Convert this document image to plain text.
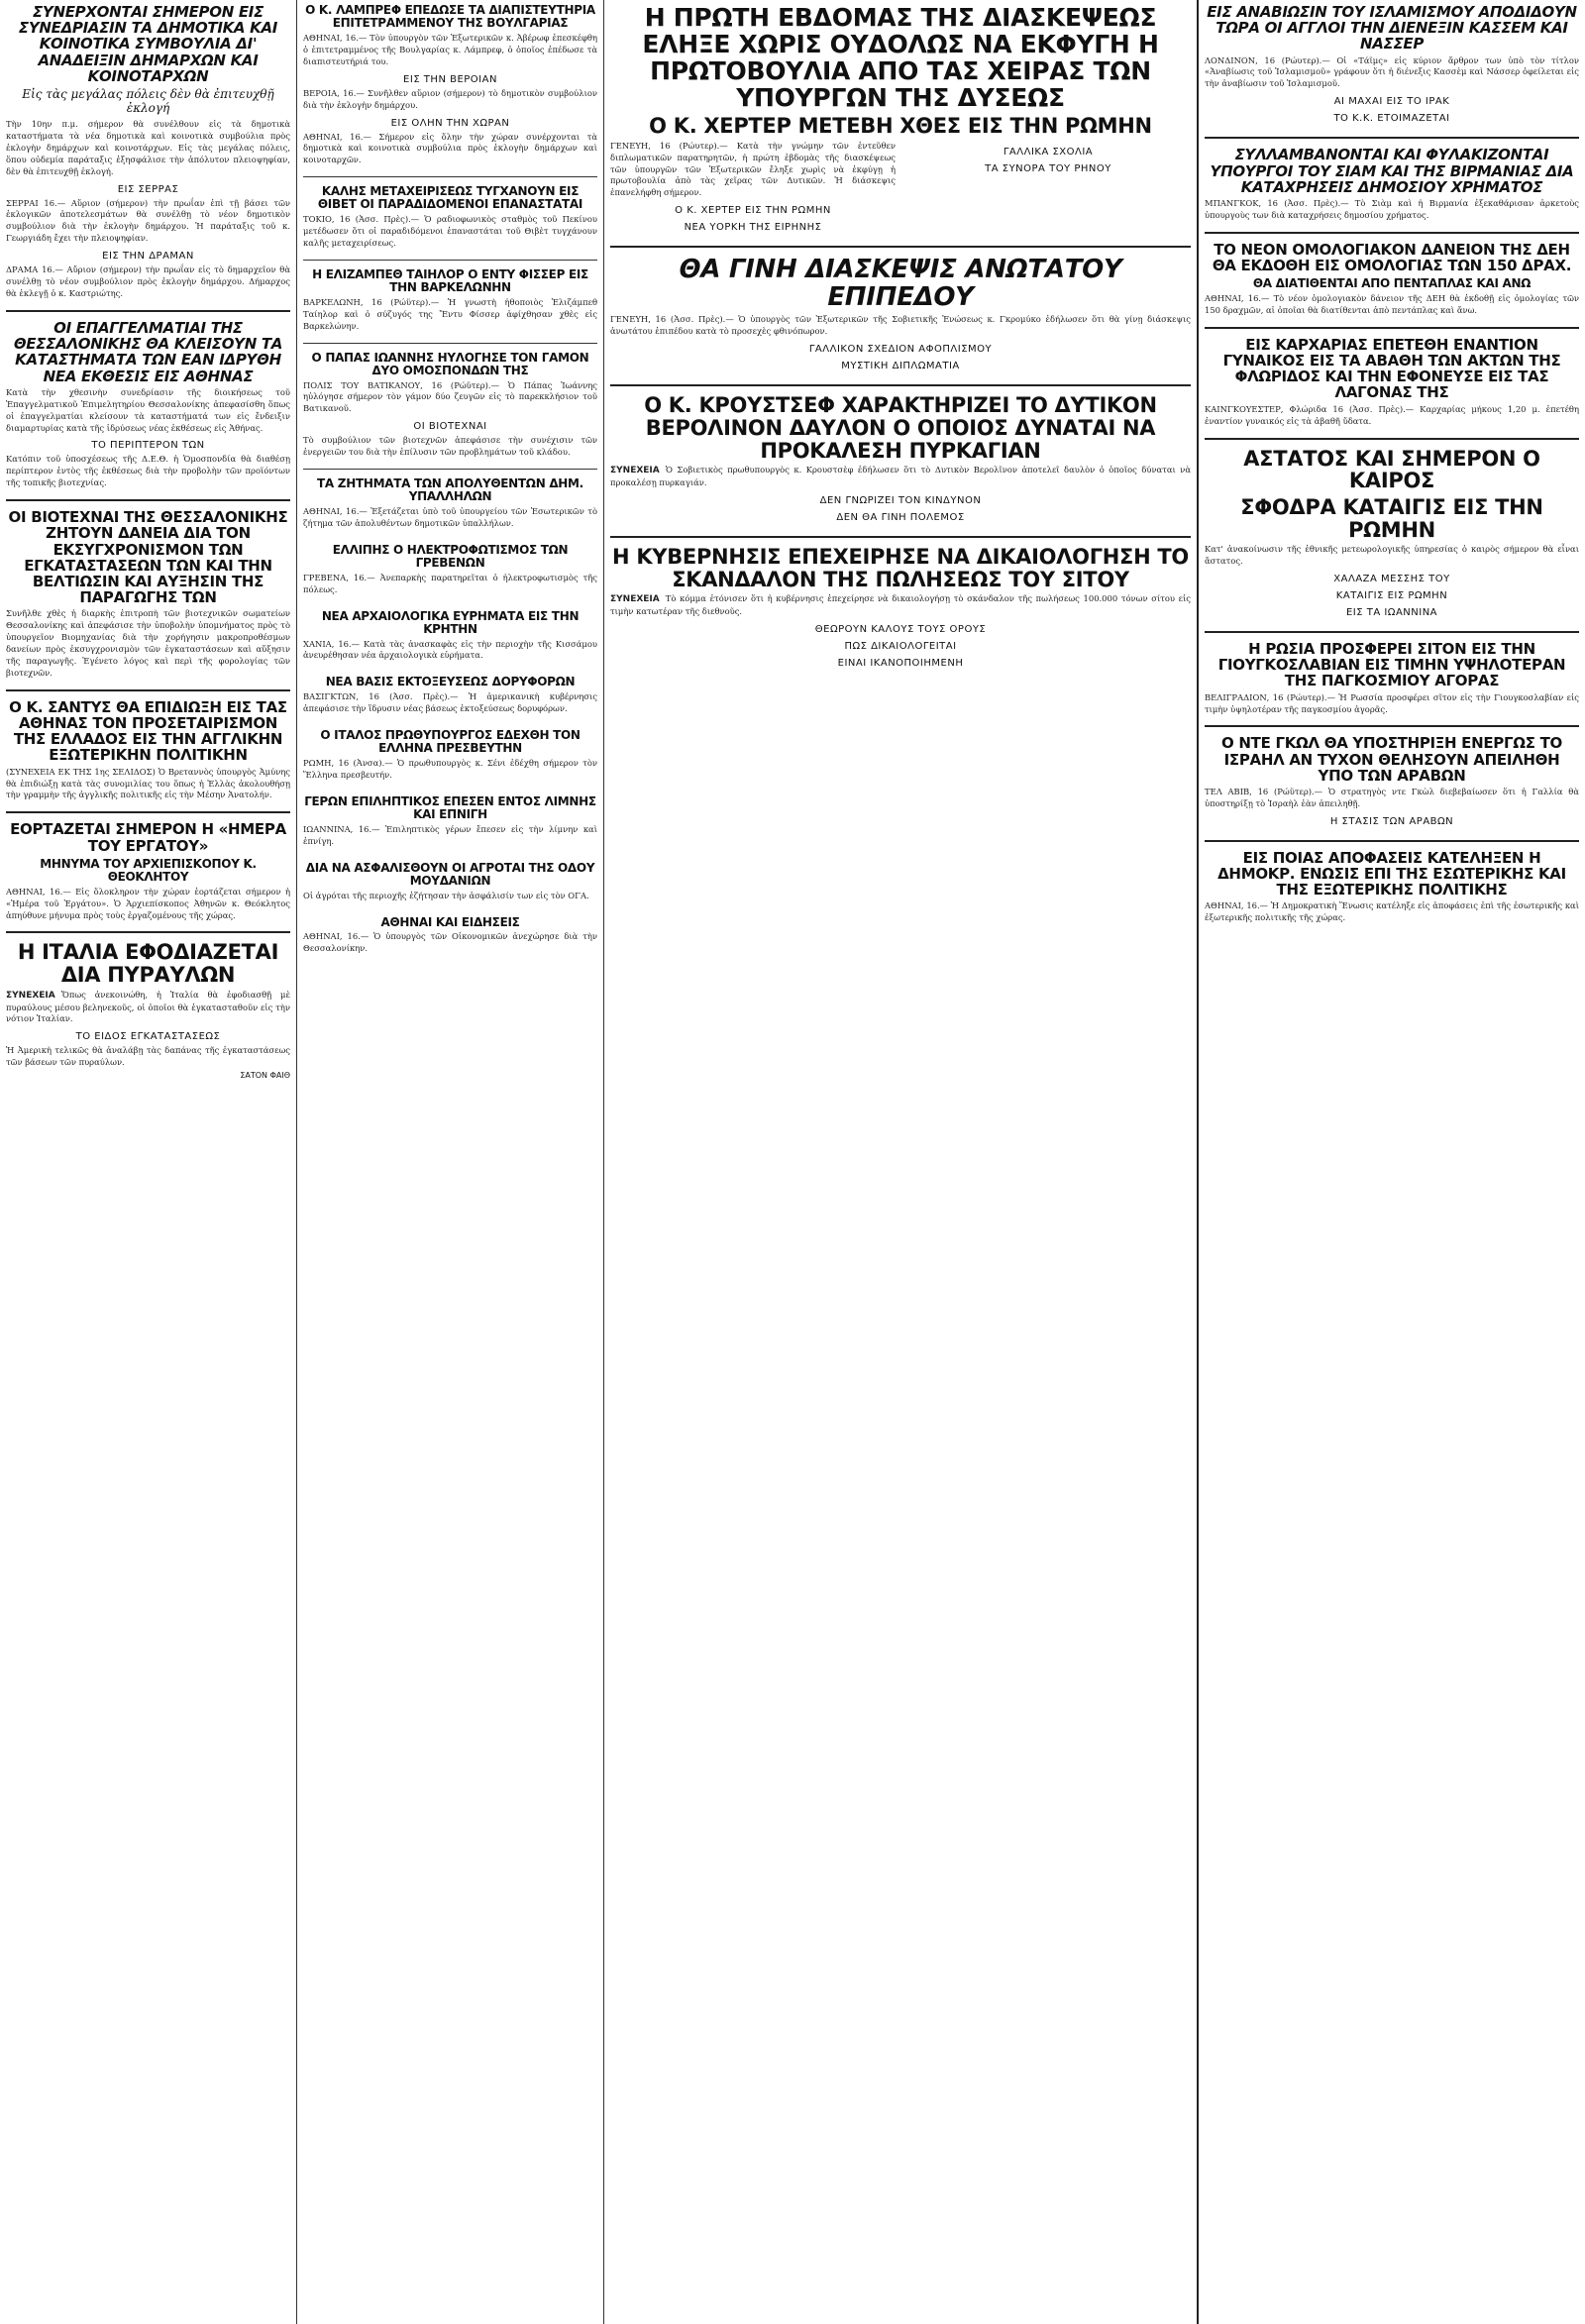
ΣΥΝΕΡΧΟΝΤΑΙ ΣΗΜΕΡΟΝ ΕΙΣ ΣΥΝΕΔΡΙΑΣΙΝ ΤΑ ΔΗΜΟΤΙΚΑ ΚΑΙ ΚΟΙΝΟΤΙΚΑ ΣΥΜΒΟΥΛΙΑ ΔΙ' ΑΝΑΔΕΙΞΙΝ ΔΗΜΑΡΧΩΝ ΚΑΙ ΚΟΙΝΟΤΑΡΧΩΝ
Εἰς τὰς μεγάλας πόλεις δὲν θὰ ἐπιτευχθῇ ἐκλογή

Τὴν 10ην π.μ. σήμερον θὰ συνέλθουν εἰς τὰ δημοτικὰ καταστήματα τὰ νέα δημοτικὰ καὶ κοινοτικὰ συμβούλια πρὸς ἐκλογὴν δημάρχων καὶ κοινοτάρχων. Εἰς τὰς μεγάλας πόλεις, ὅπου οὐδεμία παράταξις ἐξησφάλισε τὴν ἀπόλυτον πλειοψηφίαν, δὲν θὰ ἐπιτευχθῇ ἐκλογή.

ΕΙΣ ΣΕΡΡΑΣ

ΣΕΡΡΑΙ 16.— Αὔριον (σήμερον) τὴν πρωΐαν ἐπὶ τῇ βάσει τῶν ἐκλογικῶν ἀποτελεσμάτων θὰ συνέλθῃ τὸ νέον δημοτικὸν συμβούλιον διὰ τὴν ἐκλογὴν δημάρχου. Ἡ παράταξις τοῦ κ. Γεωργιάδη ἔχει τὴν πλειοψηφίαν.

ΕΙΣ ΤΗΝ ΔΡΑΜΑΝ

ΔΡΑΜΑ 16.— Αὔριον (σήμερον) τὴν πρωΐαν εἰς τὸ δημαρχεῖον θὰ συνέλθῃ τὸ νέον συμβούλιον πρὸς ἐκλογὴν δημάρχου. Δήμαρχος θὰ ἐκλεγῇ ὁ κ. Καστριώτης.

ΟΙ ΕΠΑΓΓΕΛΜΑΤΙΑΙ ΤΗΣ ΘΕΣΣΑΛΟΝΙΚΗΣ ΘΑ ΚΛΕΙΣΟΥΝ ΤΑ ΚΑΤΑΣΤΗΜΑΤΑ ΤΩΝ ΕΑΝ ΙΔΡΥΘΗ ΝΕΑ ΕΚΘΕΣΙΣ ΕΙΣ ΑΘΗΝΑΣ

Κατὰ τὴν χθεσινὴν συνεδρίασιν τῆς διοικήσεως τοῦ Ἐπαγγελματικοῦ Ἐπιμελητηρίου Θεσσαλονίκης ἀπεφασίσθη ὅπως οἱ ἐπαγγελματίαι κλείσουν τὰ καταστήματά των εἰς ἔνδειξιν διαμαρτυρίας κατὰ τῆς ἱδρύσεως νέας ἐκθέσεως εἰς Ἀθήνας.

ΤΟ ΠΕΡΙΠΤΕΡΟΝ ΤΩΝ

Κατόπιν τοῦ ὑποσχέσεως τῆς Δ.Ε.Θ. ἡ Ὁμοσπονδία θὰ διαθέσῃ περίπτερον ἐντὸς τῆς ἐκθέσεως διὰ τὴν προβολὴν τῶν προϊόντων τῆς τοπικῆς βιοτεχνίας.

ΟΙ ΒΙΟΤΕΧΝΑΙ ΤΗΣ ΘΕΣΣΑΛΟΝΙΚΗΣ ΖΗΤΟΥΝ ΔΑΝΕΙΑ ΔΙΑ ΤΟΝ ΕΚΣΥΓΧΡΟΝΙΣΜΟΝ ΤΩΝ ΕΓΚΑΤΑΣΤΑΣΕΩΝ ΤΩΝ ΚΑΙ ΤΗΝ ΒΕΛΤΙΩΣΙΝ ΚΑΙ ΑΥΞΗΣΙΝ ΤΗΣ ΠΑΡΑΓΩΓΗΣ ΤΩΝ

Συνῆλθε χθὲς ἡ διαρκὴς ἐπιτροπὴ τῶν βιοτεχνικῶν σωματείων Θεσσαλονίκης καὶ ἀπεφάσισε τὴν ὑποβολὴν ὑπομνήματος πρὸς τὸ ὑπουργεῖον Βιομηχανίας διὰ τὴν χορήγησιν μακροπροθέσμων δανείων πρὸς ἐκσυγχρονισμὸν τῶν ἐγκαταστάσεων καὶ αὔξησιν τῆς παραγωγῆς. Ἐγένετο λόγος καὶ περὶ τῆς φορολογίας τῶν βιοτεχνῶν.

Ο Κ. ΣΑΝΤΥΣ ΘΑ ΕΠΙΔΙΩΞΗ ΕΙΣ ΤΑΣ ΑΘΗΝΑΣ ΤΟΝ ΠΡΟΣΕΤΑΙΡΙΣΜΟΝ ΤΗΣ ΕΛΛΑΔΟΣ ΕΙΣ ΤΗΝ ΑΓΓΛΙΚΗΝ ΕΞΩΤΕΡΙΚΗΝ ΠΟΛΙΤΙΚΗΝ

(ΣΥΝΕΧΕΙΑ ΕΚ ΤΗΣ 1ης ΣΕΛΙΔΟΣ) Ὁ Βρεταννὸς ὑπουργὸς Ἀμύνης θὰ ἐπιδιώξῃ κατὰ τὰς συνομιλίας του ὅπως ἡ Ἑλλὰς ἀκολουθήσῃ τὴν γραμμὴν τῆς ἀγγλικῆς πολιτικῆς εἰς τὴν Μέσην Ἀνατολήν.

ΕΟΡΤΑΖΕΤΑΙ ΣΗΜΕΡΟΝ Η «ΗΜΕΡΑ ΤΟΥ ΕΡΓΑΤΟΥ»
ΜΗΝΥΜΑ ΤΟΥ ΑΡΧΙΕΠΙΣΚΟΠΟΥ Κ. ΘΕΟΚΛΗΤΟΥ

ΑΘΗΝΑΙ, 16.— Εἰς ὅλοκληρον τὴν χώραν ἑορτάζεται σήμερον ἡ «Ἡμέρα τοῦ Ἐργάτου». Ὁ Ἀρχιεπίσκοπος Ἀθηνῶν κ. Θεόκλητος ἀπηύθυνε μήνυμα πρὸς τοὺς ἐργαζομένους τῆς χώρας.

Η ΙΤΑΛΙΑ ΕΦΟΔΙΑΖΕΤΑΙ ΔΙΑ ΠΥΡΑΥΛΩΝ

ΣΥΝΕΧΕΙΑ Ὅπως ἀνεκοινώθη, ἡ Ἰταλία θὰ ἐφοδιασθῇ μὲ πυραύλους μέσου βεληνεκοῦς, οἱ ὁποῖοι θὰ ἐγκατασταθοῦν εἰς τὴν νότιον Ἰταλίαν.

ΤΟ ΕΙΔΟΣ ΕΓΚΑΤΑΣΤΑΣΕΩΣ

Ἡ Ἀμερικὴ τελικῶς θὰ ἀναλάβῃ τὰς δαπάνας τῆς ἐγκαταστάσεως τῶν βάσεων τῶν πυραύλων.

ΣΑΤΟΝ ΦΑΙΘ
Ο Κ. ΛΑΜΠΡΕΦ ΕΠΕΔΩΣΕ ΤΑ ΔΙΑΠΙΣΤΕΥΤΗΡΙΑ ΕΠΙΤΕΤΡΑΜΜΕΝΟΥ ΤΗΣ ΒΟΥΛΓΑΡΙΑΣ

ΑΘΗΝΑΙ, 16.— Τὸν ὑπουργὸν τῶν Ἐξωτερικῶν κ. Ἀβέρωφ ἐπεσκέφθη ὁ ἐπιτετραμμένος τῆς Βουλγαρίας κ. Λάμπρεφ, ὁ ὁποῖος ἐπέδωσε τὰ διαπιστευτήριά του.

ΕΙΣ ΤΗΝ ΒΕΡΟΙΑΝ

ΒΕΡΟΙΑ, 16.— Συνῆλθεν αὔριον (σήμερον) τὸ δημοτικὸν συμβούλιον διὰ τὴν ἐκλογὴν δημάρχου.

ΕΙΣ ΟΛΗΝ ΤΗΝ ΧΩΡΑΝ

ΑΘΗΝΑΙ, 16.— Σήμερον εἰς ὅλην τὴν χώραν συνέρχονται τὰ δημοτικὰ καὶ κοινοτικὰ συμβούλια πρὸς ἐκλογὴν δημάρχων καὶ κοινοταρχῶν.

ΚΑΛΗΣ ΜΕΤΑΧΕΙΡΙΣΕΩΣ ΤΥΓΧΑΝΟΥΝ ΕΙΣ ΘΙΒΕΤ ΟΙ ΠΑΡΑΔΙΔΟΜΕΝΟΙ ΕΠΑΝΑΣΤΑΤΑΙ

ΤΟΚΙΟ, 16 (Ἀσσ. Πρὲς).— Ὁ ραδιοφωνικὸς σταθμὸς τοῦ Πεκίνου μετέδωσεν ὅτι οἱ παραδιδόμενοι ἐπαναστάται τοῦ Θιβὲτ τυγχάνουν καλῆς μεταχειρίσεως.

Η ΕΛΙΖΑΜΠΕΘ ΤΑΙΗΛΟΡ Ο ΕΝΤΥ ΦΙΣΣΕΡ ΕΙΣ ΤΗΝ ΒΑΡΚΕΛΩΝΗΝ

ΒΑΡΚΕΛΩΝΗ, 16 (Ρώϋτερ).— Ἡ γνωστὴ ἠθοποιὸς Ἐλιζάμπεθ Ταίηλορ καὶ ὁ σύζυγός της Ἔντυ Φίσσερ ἀφίχθησαν χθὲς εἰς Βαρκελώνην.

Ο ΠΑΠΑΣ ΙΩΑΝΝΗΣ ΗΥΛΟΓΗΣΕ ΤΟΝ ΓΑΜΟΝ ΔΥΟ ΟΜΟΣΠΟΝΔΩΝ ΤΗΣ

ΠΟΛΙΣ ΤΟΥ ΒΑΤΙΚΑΝΟΥ, 16 (Ρώϋτερ).— Ὁ Πάπας Ἰωάννης ηὐλόγησε σήμερον τὸν γάμον δύο ζευγῶν εἰς τὸ παρεκκλήσιον τοῦ Βατικανοῦ.

ΟΙ ΒΙΟΤΕΧΝΑΙ

Τὸ συμβούλιον τῶν βιοτεχνῶν ἀπεφάσισε τὴν συνέχισιν τῶν ἐνεργειῶν του διὰ τὴν ἐπίλυσιν τῶν προβλημάτων τοῦ κλάδου.

ΤΑ ΖΗΤΗΜΑΤΑ ΤΩΝ ΑΠΟΛΥΘΕΝΤΩΝ ΔΗΜ. ΥΠΑΛΛΗΛΩΝ

ΑΘΗΝΑΙ, 16.— Ἐξετάζεται ὑπὸ τοῦ ὑπουργείου τῶν Ἐσωτερικῶν τὸ ζήτημα τῶν ἀπολυθέντων δημοτικῶν ὑπαλλήλων.

ΕΛΛΙΠΗΣ Ο ΗΛΕΚΤΡΟΦΩΤΙΣΜΟΣ ΤΩΝ ΓΡΕΒΕΝΩΝ

ΓΡΕΒΕΝΑ, 16.— Ἀνεπαρκὴς παρατηρεῖται ὁ ἠλεκτροφωτισμὸς τῆς πόλεως.

ΝΕΑ ΑΡΧΑΙΟΛΟΓΙΚΑ ΕΥΡΗΜΑΤΑ ΕΙΣ ΤΗΝ ΚΡΗΤΗΝ

ΧΑΝΙΑ, 16.— Κατὰ τὰς ἀνασκαφὰς εἰς τὴν περιοχὴν τῆς Κισσάμου ἀνευρέθησαν νέα ἀρχαιολογικὰ εὑρήματα.

ΝΕΑ ΒΑΣΙΣ ΕΚΤΟΞΕΥΣΕΩΣ ΔΟΡΥΦΟΡΩΝ

ΒΑΣΙΓΚΤΩΝ, 16 (Ἀσσ. Πρὲς).— Ἡ ἀμερικανικὴ κυβέρνησις ἀπεφάσισε τὴν ἵδρυσιν νέας βάσεως ἐκτοξεύσεως δορυφόρων.

Ο ΙΤΑΛΟΣ ΠΡΩΘΥΠΟΥΡΓΟΣ ΕΔΕΧΘΗ ΤΟΝ ΕΛΛΗΝΑ ΠΡΕΣΒΕΥΤΗΝ

ΡΩΜΗ, 16 (Ἀνσα).— Ὁ πρωθυπουργὸς κ. Σένι ἐδέχθη σήμερον τὸν Ἕλληνα πρεσβευτήν.

ΓΕΡΩΝ ΕΠΙΛΗΠΤΙΚΟΣ ΕΠΕΣΕΝ ΕΝΤΟΣ ΛΙΜΝΗΣ ΚΑΙ ΕΠΝΙΓΗ

ΙΩΑΝΝΙΝΑ, 16.— Ἐπιληπτικὸς γέρων ἔπεσεν εἰς τὴν λίμνην καὶ ἐπνίγη.

ΔΙΑ ΝΑ ΑΣΦΑΛΙΣΘΟΥΝ ΟΙ ΑΓΡΟΤΑΙ ΤΗΣ ΟΔΟΥ ΜΟΥΔΑΝΙΩΝ

Οἱ ἀγρόται τῆς περιοχῆς ἐζήτησαν τὴν ἀσφάλισίν των εἰς τὸν ΟΓΑ.

ΑΘΗΝΑΙ ΚΑΙ ΕΙΔΗΣΕΙΣ

ΑΘΗΝΑΙ, 16.— Ὁ ὑπουργὸς τῶν Οἰκονομικῶν ἀνεχώρησε διὰ τὴν Θεσσαλονίκην.

Η ΠΡΩΤΗ ΕΒΔΟΜΑΣ ΤΗΣ ΔΙΑΣΚΕΨΕΩΣ ΕΛΗΞΕ ΧΩΡΙΣ ΟΥΔΟΛΩΣ ΝΑ ΕΚΦΥΓΗ Η ΠΡΩΤΟΒΟΥΛΙΑ ΑΠΟ ΤΑΣ ΧΕΙΡΑΣ ΤΩΝ ΥΠΟΥΡΓΩΝ ΤΗΣ ΔΥΣΕΩΣ
Ο Κ. ΧΕΡΤΕΡ ΜΕΤΕΒΗ ΧΘΕΣ ΕΙΣ ΤΗΝ ΡΩΜΗΝ

ΓΕΝΕΥΗ, 16 (Ρώυτερ).— Κατὰ τὴν γνώμην τῶν ἐντεῦθεν διπλωματικῶν παρατηρητῶν, ἡ πρώτη ἑβδομὰς τῆς διασκέψεως τῶν ὑπουργῶν τῶν Ἐξωτερικῶν ἔληξε χωρὶς νὰ ἐκφύγῃ ἡ πρωτοβουλία ἀπὸ τὰς χεῖρας τῶν Δυτικῶν. Ἡ διάσκεψις ἐπανελήφθη σήμερον.

Ο Κ. ΧΕΡΤΕΡ ΕΙΣ ΤΗΝ ΡΩΜΗΝ
ΝΕΑ ΥΟΡΚΗ ΤΗΣ ΕΙΡΗΝΗΣ
ΓΑΛΛΙΚΑ ΣΧΟΛΙΑ
ΤΑ ΣΥΝΟΡΑ ΤΟΥ ΡΗΝΟΥ
ΘΑ ΓΙΝΗ ΔΙΑΣΚΕΨΙΣ ΑΝΩΤΑΤΟΥ ΕΠΙΠΕΔΟΥ

ΓΕΝΕΥΗ, 16 (Ἀσσ. Πρὲς).— Ὁ ὑπουργὸς τῶν Ἐξωτερικῶν τῆς Σοβιετικῆς Ἑνώσεως κ. Γκρομύκο ἐδήλωσεν ὅτι θὰ γίνῃ διάσκεψις ἀνωτάτου ἐπιπέδου κατὰ τὸ προσεχὲς φθινόπωρον.

ΓΑΛΛΙΚΟΝ ΣΧΕΔΙΟΝ ΑΦΟΠΛΙΣΜΟΥ
ΜΥΣΤΙΚΗ ΔΙΠΛΩΜΑΤΙΑ
Ο Κ. ΚΡΟΥΣΤΣΕΦ ΧΑΡΑΚΤΗΡΙΖΕΙ ΤΟ ΔΥΤΙΚΟΝ ΒΕΡΟΛΙΝΟΝ ΔΑΥΛΟΝ Ο ΟΠΟΙΟΣ ΔΥΝΑΤΑΙ ΝΑ ΠΡΟΚΑΛΕΣΗ ΠΥΡΚΑΓΙΑΝ

ΣΥΝΕΧΕΙΑ Ὁ Σοβιετικὸς πρωθυπουργὸς κ. Κρουστσὲφ ἐδήλωσεν ὅτι τὸ Δυτικὸν Βερολῖνον ἀποτελεῖ δαυλὸν ὁ ὁποῖος δύναται νὰ προκαλέσῃ πυρκαγιάν.

ΔΕΝ ΓΝΩΡΙΖΕΙ ΤΟΝ ΚΙΝΔΥΝΟΝ
ΔΕΝ ΘΑ ΓΙΝΗ ΠΟΛΕΜΟΣ
Η ΚΥΒΕΡΝΗΣΙΣ ΕΠΕΧΕΙΡΗΣΕ ΝΑ ΔΙΚΑΙΟΛΟΓΗΣΗ ΤΟ ΣΚΑΝΔΑΛΟΝ ΤΗΣ ΠΩΛΗΣΕΩΣ ΤΟΥ ΣΙΤΟΥ

ΣΥΝΕΧΕΙΑ Τὸ κόμμα ἐτόνισεν ὅτι ἡ κυβέρνησις ἐπεχείρησε νὰ δικαιολογήσῃ τὸ σκάνδαλον τῆς πωλήσεως 100.000 τόνων σίτου εἰς τιμὴν κατωτέραν τῆς διεθνοῦς.

ΘΕΩΡΟΥΝ ΚΑΛΟΥΣ ΤΟΥΣ ΟΡΟΥΣ
ΠΩΣ ΔΙΚΑΙΟΛΟΓΕΙΤΑΙ
ΕΙΝΑΙ ΙΚΑΝΟΠΟΙΗΜΕΝΗ
ΕΙΣ ΑΝΑΒΙΩΣΙΝ ΤΟΥ ΙΣΛΑΜΙΣΜΟΥ ΑΠΟΔΙΔΟΥΝ ΤΩΡΑ ΟΙ ΑΓΓΛΟΙ ΤΗΝ ΔΙΕΝΕΞΙΝ ΚΑΣΣΕΜ ΚΑΙ ΝΑΣΣΕΡ

ΛΟΝΔΙΝΟΝ, 16 (Ρώυτερ).— Οἱ «Τάϊμς» εἰς κύριον ἄρθρον των ὑπὸ τὸν τίτλον «Ἀναβίωσις τοῦ Ἰσλαμισμοῦ» γράφουν ὅτι ἡ διένεξις Κασσὲμ καὶ Νάσσερ ὀφείλεται εἰς τὴν ἀναβίωσιν τοῦ Ἰσλαμισμοῦ.

ΑΙ ΜΑΧΑΙ ΕΙΣ ΤΟ ΙΡΑΚ
ΤΟ Κ.Κ. ΕΤΟΙΜΑΖΕΤΑΙ
ΣΥΛΛΑΜΒΑΝΟΝΤΑΙ ΚΑΙ ΦΥΛΑΚΙΖΟΝΤΑΙ ΥΠΟΥΡΓΟΙ ΤΟΥ ΣΙΑΜ ΚΑΙ ΤΗΣ ΒΙΡΜΑΝΙΑΣ ΔΙΑ ΚΑΤΑΧΡΗΣΕΙΣ ΔΗΜΟΣΙΟΥ ΧΡΗΜΑΤΟΣ

ΜΠΑΝΓΚΟΚ, 16 (Ἀσσ. Πρὲς).— Τὸ Σιὰμ καὶ ἡ Βιρμανία ἐξεκαθάρισαν ἀρκετοὺς ὑπουργοὺς των διὰ καταχρήσεις δημοσίου χρήματος.

ΤΟ ΝΕΟΝ ΟΜΟΛΟΓΙΑΚΟΝ ΔΑΝΕΙΟΝ ΤΗΣ ΔΕΗ ΘΑ ΕΚΔΟΘΗ ΕΙΣ ΟΜΟΛΟΓΙΑΣ ΤΩΝ 150 ΔΡΑΧ.
ΘΑ ΔΙΑΤΙΘΕΝΤΑΙ ΑΠΟ ΠΕΝΤΑΠΛΑΣ ΚΑΙ ΑΝΩ

ΑΘΗΝΑΙ, 16.— Τὸ νέον ὁμολογιακὸν δάνειον τῆς ΔΕΗ θὰ ἐκδοθῇ εἰς ὁμολογίας τῶν 150 δραχμῶν, αἱ ὁποῖαι θὰ διατίθενται ἀπὸ πεντάπλας καὶ ἄνω.

ΕΙΣ ΚΑΡΧΑΡΙΑΣ ΕΠΕΤΕΘΗ ΕΝΑΝΤΙΟΝ ΓΥΝΑΙΚΟΣ ΕΙΣ ΤΑ ΑΒΑΘΗ ΤΩΝ ΑΚΤΩΝ ΤΗΣ ΦΛΩΡΙΔΟΣ ΚΑΙ ΤΗΝ ΕΦΟΝΕΥΣΕ ΕΙΣ ΤΑΣ ΛΑΓΟΝΑΣ ΤΗΣ

ΚΑΙΝΓΚΟΥΕΣΤΕΡ, Φλώριδα 16 (Ἀσσ. Πρὲς).— Καρχαρίας μήκους 1,20 μ. ἐπετέθη ἐναντίον γυναικός εἰς τὰ ἀβαθῆ ὕδατα.

ΑΣΤΑΤΟΣ ΚΑΙ ΣΗΜΕΡΟΝ Ο ΚΑΙΡΟΣ
ΣΦΟΔΡΑ ΚΑΤΑΙΓΙΣ ΕΙΣ ΤΗΝ ΡΩΜΗΝ

Κατ' ἀνακοίνωσιν τῆς ἐθνικῆς μετεωρολογικῆς ὑπηρεσίας ὁ καιρὸς σήμερον θὰ εἶναι ἄστατος.

ΧΑΛΑΖΑ ΜΕΣΣΗΣ ΤΟΥ
ΚΑΤΑΙΓΙΣ ΕΙΣ ΡΩΜΗΝ
ΕΙΣ ΤΑ ΙΩΑΝΝΙΝΑ
Η ΡΩΣΙΑ ΠΡΟΣΦΕΡΕΙ ΣΙΤΟΝ ΕΙΣ ΤΗΝ ΓΙΟΥΓΚΟΣΛΑΒΙΑΝ ΕΙΣ ΤΙΜΗΝ ΥΨΗΛΟΤΕΡΑΝ ΤΗΣ ΠΑΓΚΟΣΜΙΟΥ ΑΓΟΡΑΣ

ΒΕΛΙΓΡΑΔΙΟΝ, 16 (Ρώυτερ).— Ἡ Ρωσσία προσφέρει σῖτον εἰς τὴν Γιουγκοσλαβίαν εἰς τιμὴν ὑψηλοτέραν τῆς παγκοσμίου ἀγορᾶς.

Ο ΝΤΕ ΓΚΩΛ ΘΑ ΥΠΟΣΤΗΡΙΞΗ ΕΝΕΡΓΩΣ ΤΟ ΙΣΡΑΗΛ ΑΝ ΤΥΧΟΝ ΘΕΛΗΣΟΥΝ ΑΠΕΙΛΗΘΗ ΥΠΟ ΤΩΝ ΑΡΑΒΩΝ

ΤΕΛ ΑΒΙΒ, 16 (Ρώϋτερ).— Ὁ στρατηγὸς ντε Γκὼλ διεβεβαίωσεν ὅτι ἡ Γαλλία θὰ ὑποστηρίξῃ τὸ Ἰσραὴλ ἐὰν ἀπειληθῇ.

Η ΣΤΑΣΙΣ ΤΩΝ ΑΡΑΒΩΝ
ΕΙΣ ΠΟΙΑΣ ΑΠΟΦΑΣΕΙΣ ΚΑΤΕΛΗΞΕΝ Η ΔΗΜΟΚΡ. ΕΝΩΣΙΣ ΕΠΙ ΤΗΣ ΕΣΩΤΕΡΙΚΗΣ ΚΑΙ ΤΗΣ ΕΞΩΤΕΡΙΚΗΣ ΠΟΛΙΤΙΚΗΣ

ΑΘΗΝΑΙ, 16.— Ἡ Δημοκρατικὴ Ἕνωσις κατέληξε εἰς ἀποφάσεις ἐπὶ τῆς ἐσωτερικῆς καὶ ἐξωτερικῆς πολιτικῆς τῆς χώρας.
